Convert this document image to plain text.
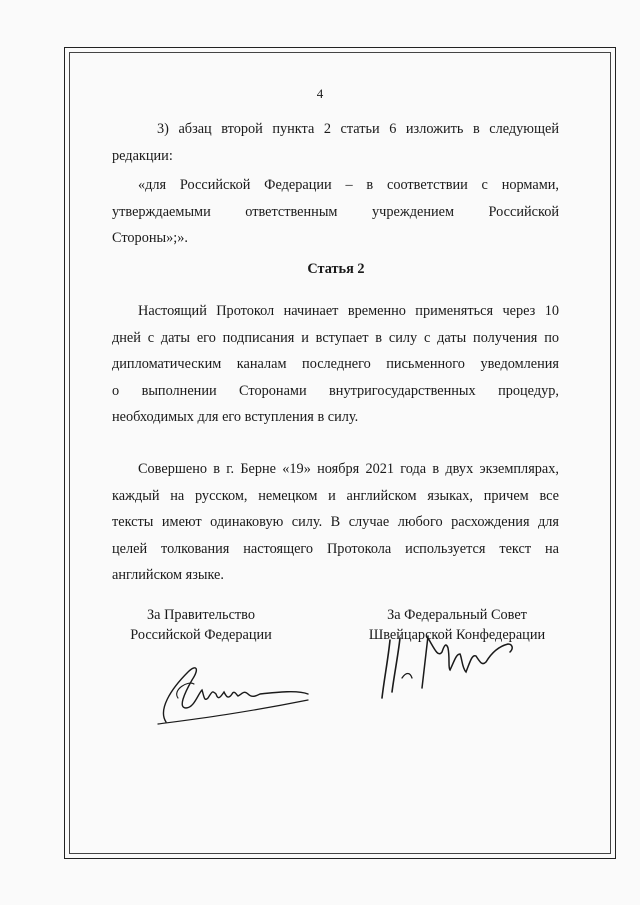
4
3) абзац второй пункта 2 статьи 6 изложить в следующей
редакции:
«для Российской Федерации – в соответствии с нормами,
утверждаемыми ответственным учреждением Российской
Стороны»;».
Статья 2
Настоящий Протокол начинает временно применяться через 10
дней с даты его подписания и вступает в силу с даты получения по
дипломатическим каналам последнего письменного уведомления
о выполнении Сторонами внутригосударственных процедур,
необходимых для его вступления в силу.
Совершено в г. Берне «19» ноября 2021 года в двух экземплярах,
каждый на русском, немецком и английском языках, причем все
тексты имеют одинаковую силу. В случае любого расхождения для
целей толкования настоящего Протокола используется текст на
английском языке.
За Правительство
Российской Федерации
За Федеральный Совет
Швейцарской Конфедерации
